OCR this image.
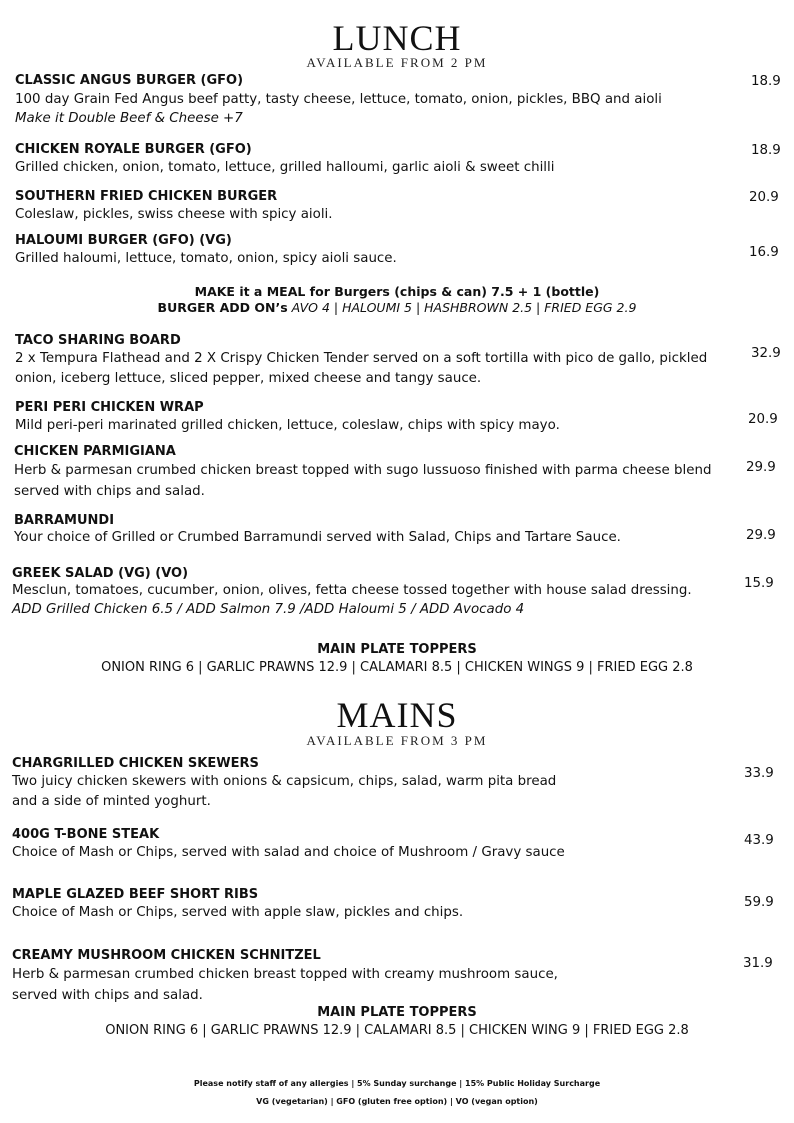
LUNCH
AVAILABLE FROM 2 PM
CLASSIC ANGUS BURGER (GFO)
100 day Grain Fed Angus beef patty, tasty cheese, lettuce, tomato, onion, pickles, BBQ and aioli
Make it Double Beef & Cheese +7
18.9
CHICKEN ROYALE BURGER (GFO)
Grilled chicken, onion, tomato, lettuce, grilled halloumi, garlic aioli & sweet chilli
18.9
SOUTHERN FRIED CHICKEN BURGER
Coleslaw, pickles, swiss cheese with spicy aioli.
20.9
HALOUMI BURGER (GFO) (VG)
Grilled haloumi, lettuce, tomato, onion, spicy aioli sauce.	16.9
MAKE it a MEAL for Burgers (chips & can) 7.5 + 1 (bottle)
BURGER ADD ON’s AVO 4 | HALOUMI 5 | HASHBROWN 2.5 | FRIED EGG 2.9
TACO SHARING BOARD
2 x Tempura Flathead and 2 X Crispy Chicken Tender served on a soft tortilla with pico de gallo, pickled onion, iceberg lettuce, sliced pepper, mixed cheese and tangy sauce.
32.9
PERI PERI CHICKEN WRAP
Mild peri-peri marinated grilled chicken, lettuce, coleslaw, chips with spicy mayo.	20.9
CHICKEN PARMIGIANA
Herb & parmesan crumbed chicken breast topped with sugo lussuoso finished with parma cheese blend served with chips and salad.
29.9
BARRAMUNDI
Your choice of Grilled or Crumbed Barramundi served with Salad, Chips and Tartare Sauce.	29.9
GREEK SALAD (VG) (VO)
Mesclun, tomatoes, cucumber, onion, olives, fetta cheese tossed together with house salad dressing.
ADD Grilled Chicken 6.5 / ADD Salmon 7.9 /ADD Haloumi 5 / ADD Avocado 4
15.9
MAIN PLATE TOPPERS
ONION RING 6 | GARLIC PRAWNS 12.9 | CALAMARI 8.5 | CHICKEN WINGS 9 | FRIED EGG 2.8
MAINS
AVAILABLE FROM 3 PM
CHARGRILLED CHICKEN SKEWERS
Two juicy chicken skewers with onions & capsicum, chips, salad, warm pita bread and a side of minted yoghurt.
33.9
400G T-BONE STEAK
Choice of Mash or Chips, served with salad and choice of Mushroom / Gravy sauce
43.9
MAPLE GLAZED BEEF SHORT RIBS
Choice of Mash or Chips, served with apple slaw, pickles and chips.
59.9
CREAMY MUSHROOM CHICKEN SCHNITZEL
Herb & parmesan crumbed chicken breast topped with creamy mushroom sauce, served with chips and salad.
31.9
MAIN PLATE TOPPERS
ONION RING 6 | GARLIC PRAWNS 12.9 | CALAMARI 8.5 | CHICKEN WING 9 | FRIED EGG 2.8
Please notify staff of any allergies | 5% Sunday surchange | 15% Public Holiday Surcharge
VG (vegetarian) | GFO (gluten free option) | VO (vegan option)
